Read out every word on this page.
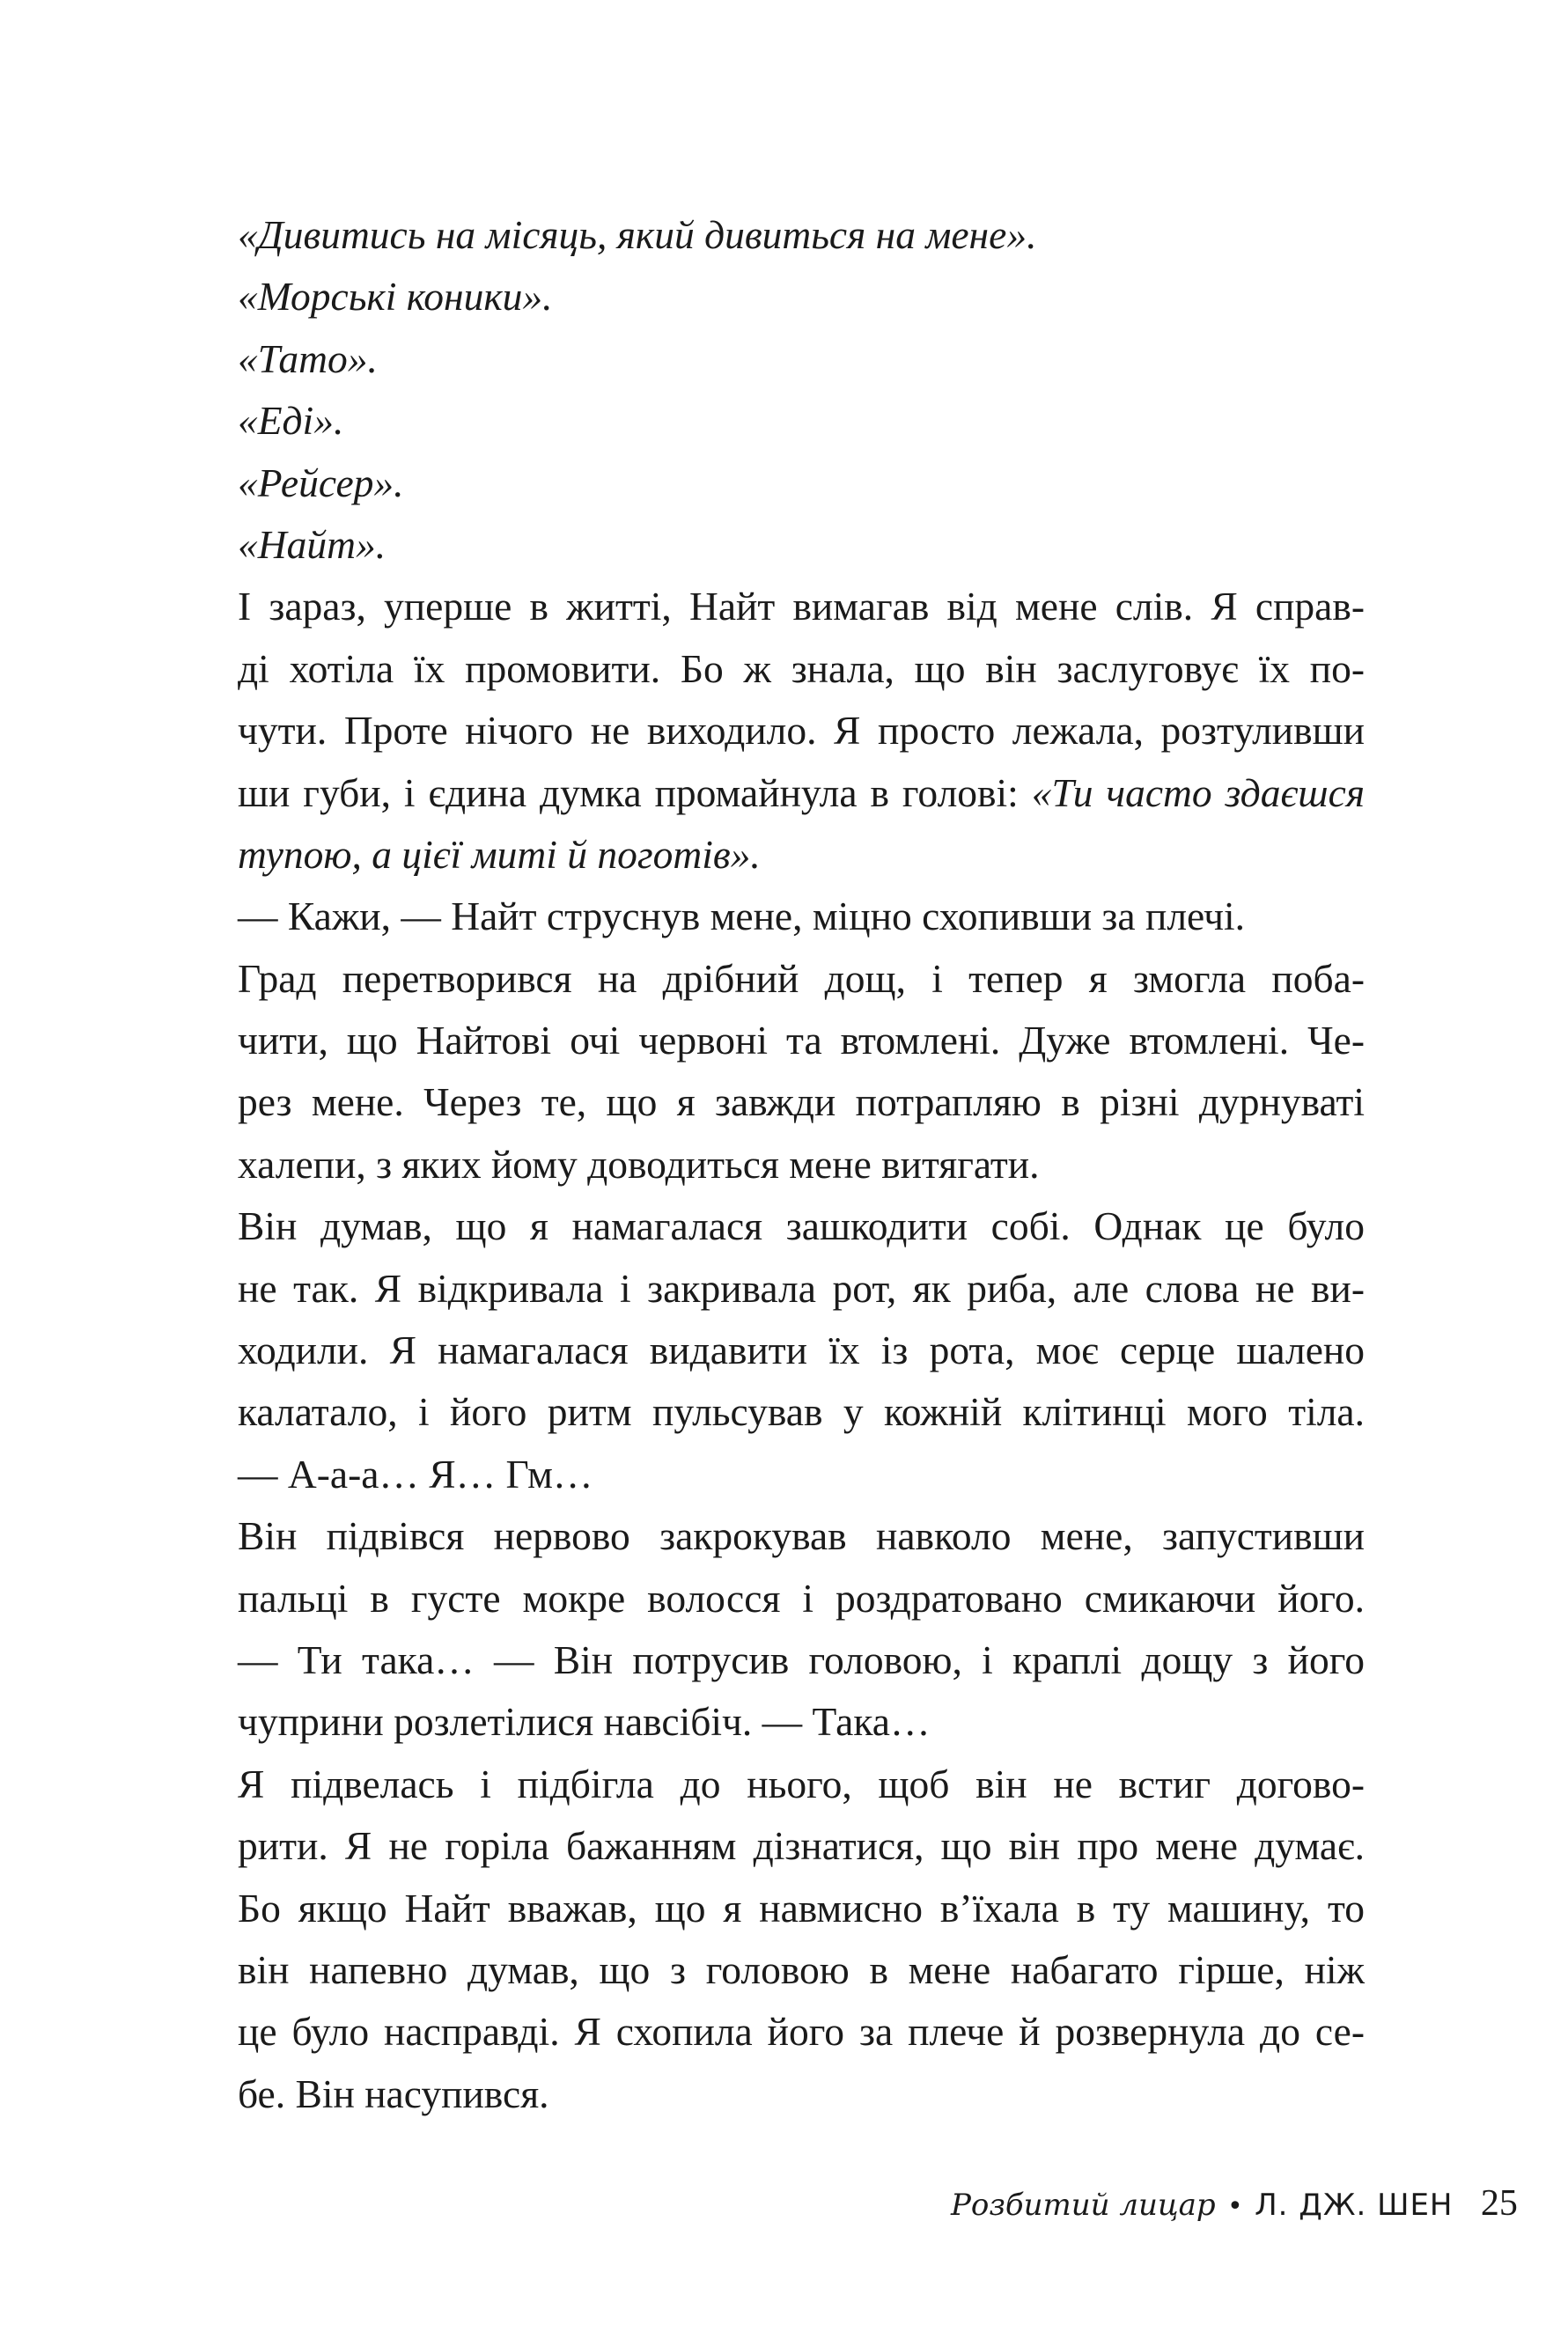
«Дивитись на місяць, який дивиться на мене».
«Морські коники».
«Тато».
«Еді».
«Рейсер».
«Найт».
І зараз, уперше в житті, Найт вимагав від мене слів. Я справ-
ді хотіла їх промовити. Бо ж знала, що він заслуговує їх по-
чути. Проте нічого не виходило. Я просто лежала, розтуливши
ши губи, і єдина думка промайнула в голові: «Ти часто здаєшся
тупою, а цієї миті й поготів».
— Кажи, — Найт струснув мене, міцно схопивши за плечі.
Град перетворився на дрібний дощ, і тепер я змогла поба-
чити, що Найтові очі червоні та втомлені. Дуже втомлені. Че-
рез мене. Через те, що я завжди потрапляю в різні дурнуваті
халепи, з яких йому доводиться мене витягати.
Він думав, що я намагалася зашкодити собі. Однак це було
не так. Я відкривала і закривала рот, як риба, але слова не ви-
ходили. Я намагалася видавити їх із рота, моє серце шалено
калатало, і його ритм пульсував у кожній клітинці мого тіла.
— А-а-а… Я… Гм…
Він підвівся нервово закрокував навколо мене, запустивши
пальці в густе мокре волосся і роздратовано смикаючи його.
— Ти така… — Він потрусив головою, і краплі дощу з його
чуприни розлетілися навсібіч. — Така…
Я підвелась і підбігла до нього, щоб він не встиг догово-
рити. Я не горіла бажанням дізнатися, що він про мене думає.
Бо якщо Найт вважав, що я навмисно в’їхала в ту машину, то
він напевно думав, що з головою в мене набагато гірше, ніж
це було насправді. Я схопила його за плече й розвернула до се-
бе. Він насупився.
Розбитий лицар • Л. ДЖ. ШЕН 25
